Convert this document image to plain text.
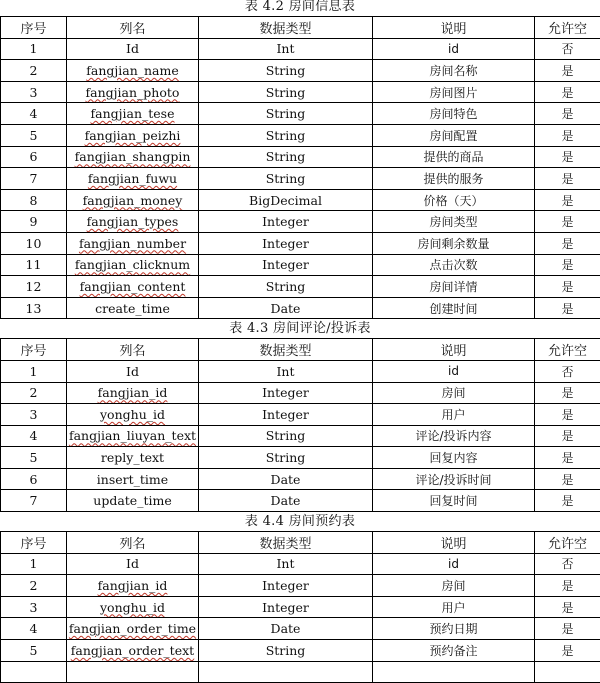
表 4.2 房间信息表
序号	列名	数据类型	说明	允许空
1	Id	Int	id	否
2	fangjian_name	String	房间名称	是
3	fangjian_photo	String	房间图片	是
4	fangjian_tese	String	房间特色	是
5	fangjian_peizhi	String	房间配置	是
6	fangjian_shangpin	String	提供的商品	是
7	fangjian_fuwu	String	提供的服务	是
8	fangjian_money	BigDecimal	价格（天）	是
9	fangjian_types	Integer	房间类型	是
10	fangjian_number	Integer	房间剩余数量	是
11	fangjian_clicknum	Integer	点击次数	是
12	fangjian_content	String	房间详情	是
13	create_time	Date	创建时间	是
表 4.3 房间评论/投诉表
序号	列名	数据类型	说明	允许空
1	Id	Int	id	否
2	fangjian_id	Integer	房间	是
3	yonghu_id	Integer	用户	是
4	fangjian_liuyan_text	String	评论/投诉内容	是
5	reply_text	String	回复内容	是
6	insert_time	Date	评论/投诉时间	是
7	update_time	Date	回复时间	是
表 4.4 房间预约表
序号	列名	数据类型	说明	允许空
1	Id	Int	id	否
2	fangjian_id	Integer	房间	是
3	yonghu_id	Integer	用户	是
4	fangjian_order_time	Date	预约日期	是
5	fangjian_order_text	String	预约备注	是
